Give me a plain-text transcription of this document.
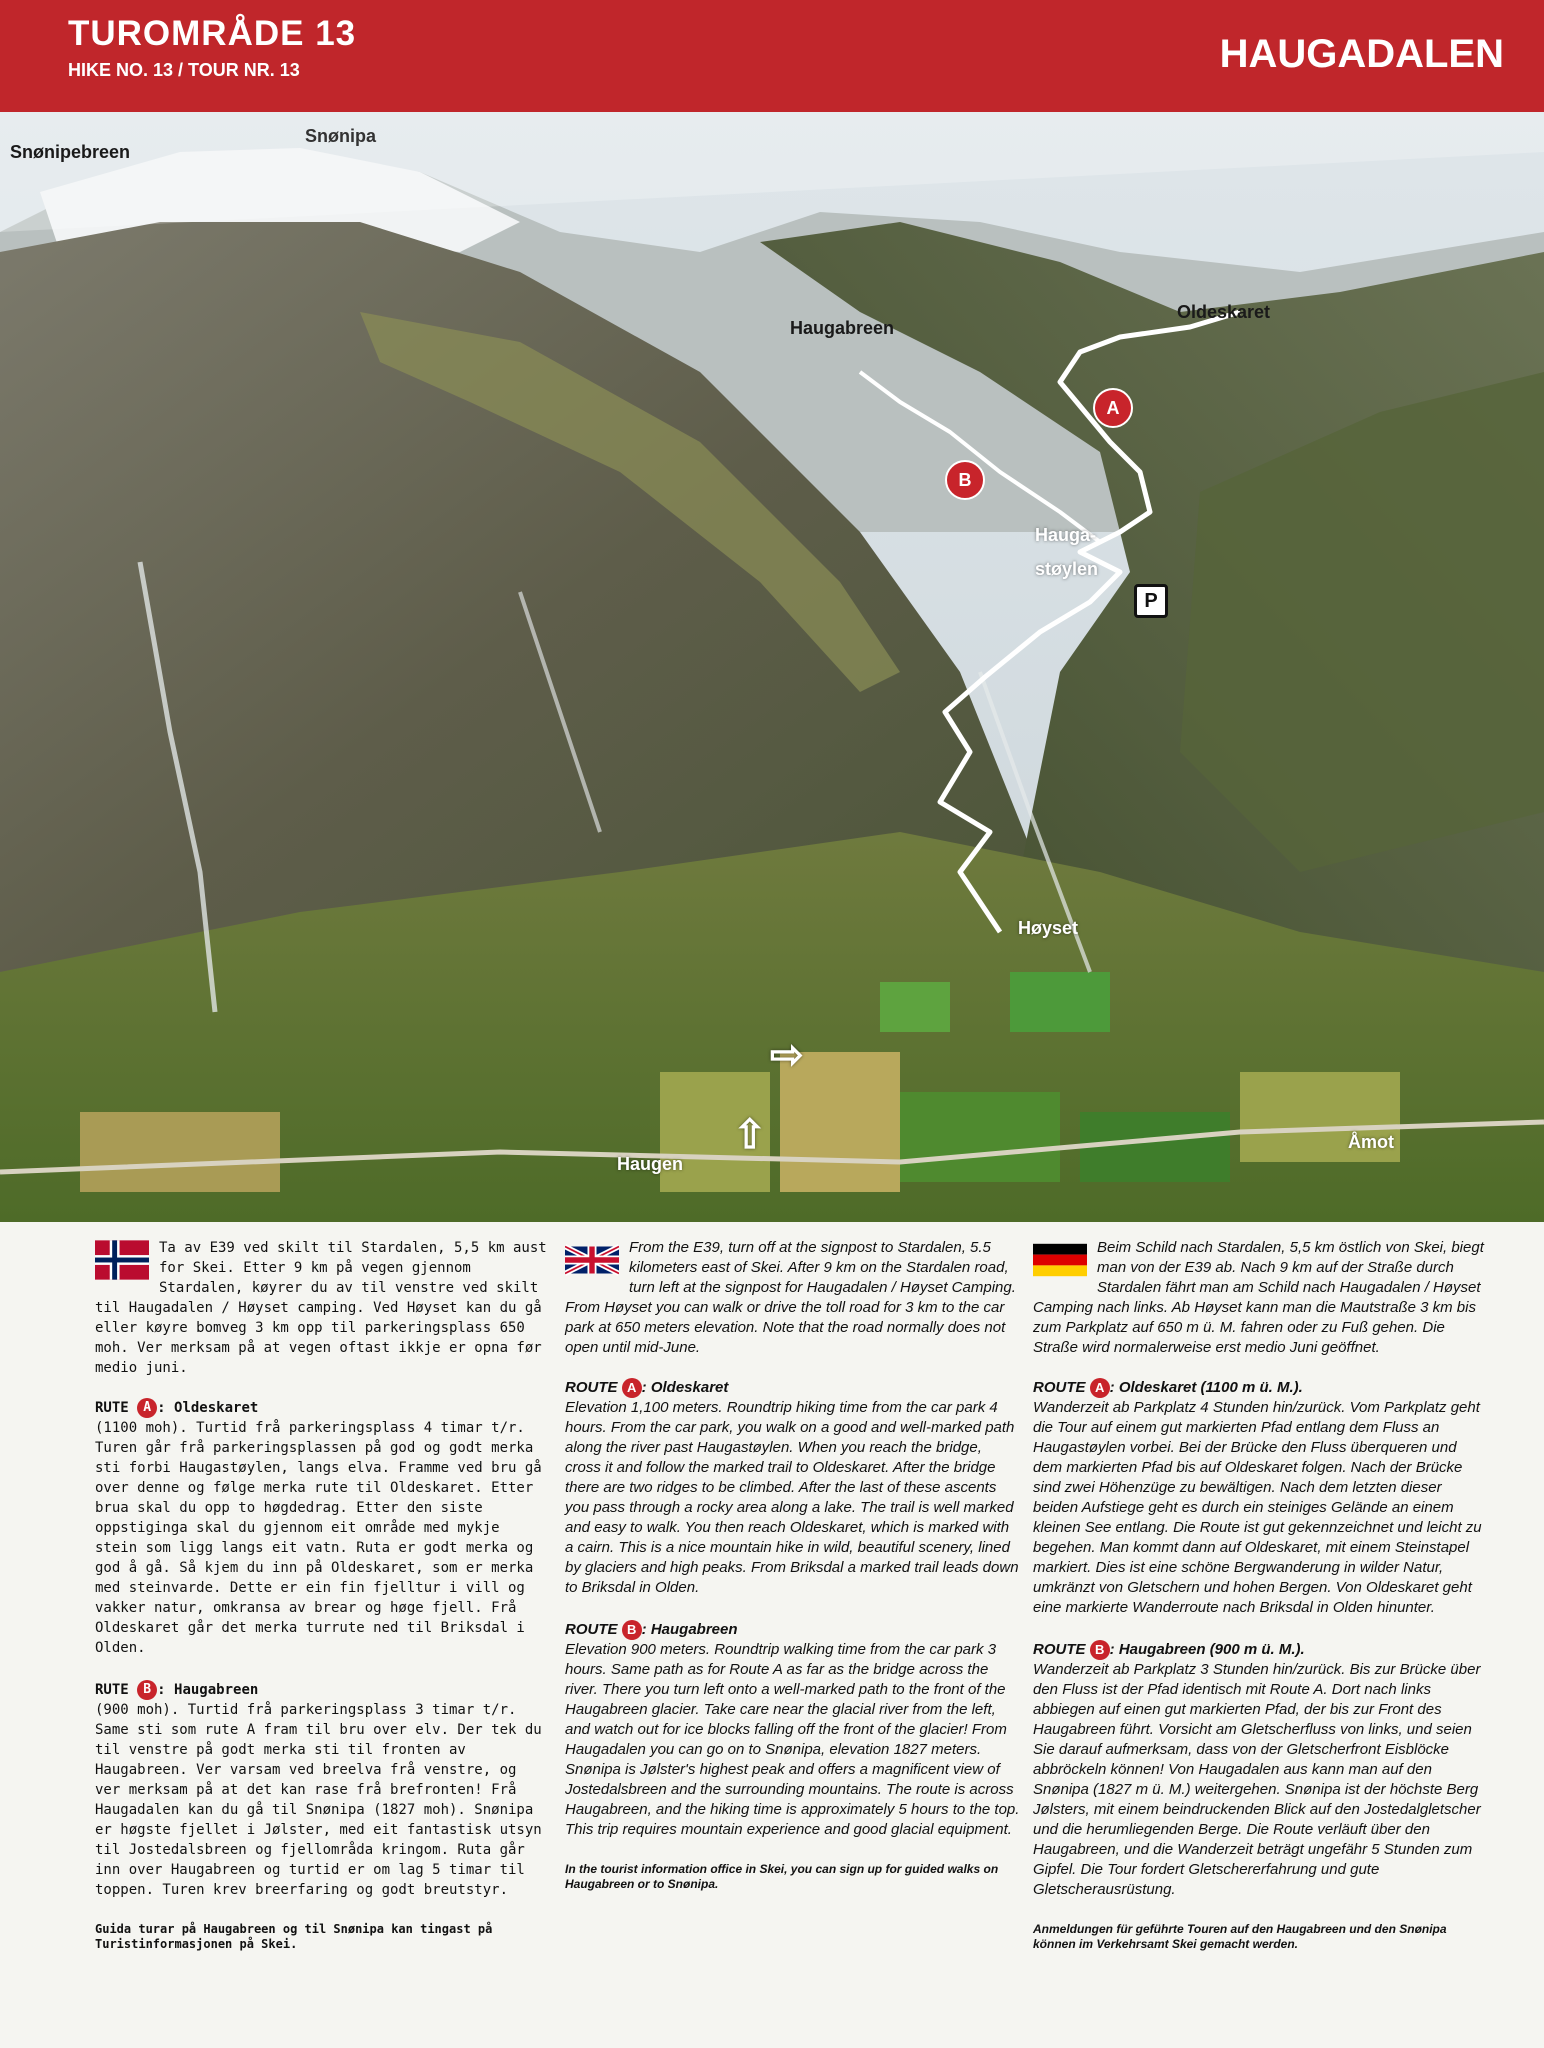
TUROMRÅDE 13
HIKE NO. 13 / TOUR NR. 13	HAUGADALEN
Snønipebreen
Snønipa
Haugabreen
Oldeskaret
Hauga-
støylen
Høyset
Haugen
Åmot
A
B
P
⇧
⇨
Ta av E39 ved skilt til Stardalen, 5,5 km aust for Skei. Etter 9 km på vegen gjennom Stardalen, køyrer du av til venstre ved skilt til Haugadalen / Høyset camping. Ved Høyset kan du gå eller køyre bomveg 3 km opp til parkeringsplass 650 moh. Ver merksam på at vegen oftast ikkje er opna før medio juni.
RUTE A : Oldeskaret
(1100 moh). Turtid frå parkeringsplass 4 timar t/r. Turen går frå parkeringsplassen på god og godt merka sti forbi Haugastøylen, langs elva. Framme ved bru gå over denne og følge merka rute til Oldeskaret. Etter brua skal du opp to høgdedrag. Etter den siste oppstiginga skal du gjennom eit område med mykje stein som ligg langs eit vatn. Ruta er godt merka og god å gå. Så kjem du inn på Oldeskaret, som er merka med steinvarde. Dette er ein fin fjelltur i vill og vakker natur, omkransa av brear og høge fjell. Frå Oldeskaret går det merka turrute ned til Briksdal i Olden.
RUTE B : Haugabreen
(900 moh). Turtid frå parkeringsplass 3 timar t/r. Same sti som rute A fram til bru over elv. Der tek du til venstre på godt merka sti til fronten av Haugabreen. Ver varsam ved breelva frå venstre, og ver merksam på at det kan rase frå brefronten! Frå Haugadalen kan du gå til Snønipa (1827 moh). Snønipa er høgste fjellet i Jølster, med eit fantastisk utsyn til Jostedalsbreen og fjellområda kringom. Ruta går inn over Haugabreen og turtid er om lag 5 timar til toppen. Turen krev breerfaring og godt breutstyr.
Guida turar på Haugabreen og til Snønipa kan tingast på Turistinformasjonen på Skei.
From the E39, turn off at the signpost to Stardalen, 5.5 kilometers east of Skei. After 9 km on the Stardalen road, turn left at the signpost for Haugadalen / Høyset Camping. From Høyset you can walk or drive the toll road for 3 km to the car park at 650 meters elevation. Note that the road normally does not open until mid-June.
ROUTE A : Oldeskaret
Elevation 1,100 meters. Roundtrip hiking time from the car park 4 hours. From the car park, you walk on a good and well-marked path along the river past Haugastøylen. When you reach the bridge, cross it and follow the marked trail to Oldeskaret. After the bridge there are two ridges to be climbed. After the last of these ascents you pass through a rocky area along a lake. The trail is well marked and easy to walk. You then reach Oldeskaret, which is marked with a cairn. This is a nice mountain hike in wild, beautiful scenery, lined by glaciers and high peaks. From Briksdal a marked trail leads down to Briksdal in Olden.
ROUTE B : Haugabreen
Elevation 900 meters. Roundtrip walking time from the car park 3 hours. Same path as for Route A as far as the bridge across the river. There you turn left onto a well-marked path to the front of the Haugabreen glacier. Take care near the glacial river from the left, and watch out for ice blocks falling off the front of the glacier! From Haugadalen you can go on to Snønipa, elevation 1827 meters. Snønipa is Jølster's highest peak and offers a magnificent view of Jostedalsbreen and the surrounding mountains. The route is across Haugabreen, and the hiking time is approximately 5 hours to the top. This trip requires mountain experience and good glacial equipment.
In the tourist information office in Skei, you can sign up for guided walks on Haugabreen or to Snønipa.
Beim Schild nach Stardalen, 5,5 km östlich von Skei, biegt man von der E39 ab. Nach 9 km auf der Straße durch Stardalen fährt man am Schild nach Haugadalen / Høyset Camping nach links. Ab Høyset kann man die Mautstraße 3 km bis zum Parkplatz auf 650 m ü. M. fahren oder zu Fuß gehen. Die Straße wird normalerweise erst medio Juni geöffnet.
ROUTE A : Oldeskaret (1100 m ü. M.).
Wanderzeit ab Parkplatz 4 Stunden hin/zurück. Vom Parkplatz geht die Tour auf einem gut markierten Pfad entlang dem Fluss an Haugastøylen vorbei. Bei der Brücke den Fluss überqueren und dem markierten Pfad bis auf Oldeskaret folgen. Nach der Brücke sind zwei Höhenzüge zu bewältigen. Nach dem letzten dieser beiden Aufstiege geht es durch ein steiniges Gelände an einem kleinen See entlang. Die Route ist gut gekennzeichnet und leicht zu begehen. Man kommt dann auf Oldeskaret, mit einem Steinstapel markiert. Dies ist eine schöne Bergwanderung in wilder Natur, umkränzt von Gletschern und hohen Bergen. Von Oldeskaret geht eine markierte Wanderroute nach Briksdal in Olden hinunter.
ROUTE B : Haugabreen (900 m ü. M.).
Wanderzeit ab Parkplatz 3 Stunden hin/zurück. Bis zur Brücke über den Fluss ist der Pfad identisch mit Route A. Dort nach links abbiegen auf einen gut markierten Pfad, der bis zur Front des Haugabreen führt. Vorsicht am Gletscherfluss von links, und seien Sie darauf aufmerksam, dass von der Gletscherfront Eisblöcke abbröckeln können! Von Haugadalen aus kann man auf den Snønipa (1827 m ü. M.) weitergehen. Snønipa ist der höchste Berg Jølsters, mit einem beindruckenden Blick auf den Jostedalgletscher und die herumliegenden Berge. Die Route verläuft über den Haugabreen, und die Wanderzeit beträgt ungefähr 5 Stunden zum Gipfel. Die Tour fordert Gletschererfahrung und gute Gletscherausrüstung.
Anmeldungen für geführte Touren auf den Haugabreen und den Snønipa können im Verkehrsamt Skei gemacht werden.
